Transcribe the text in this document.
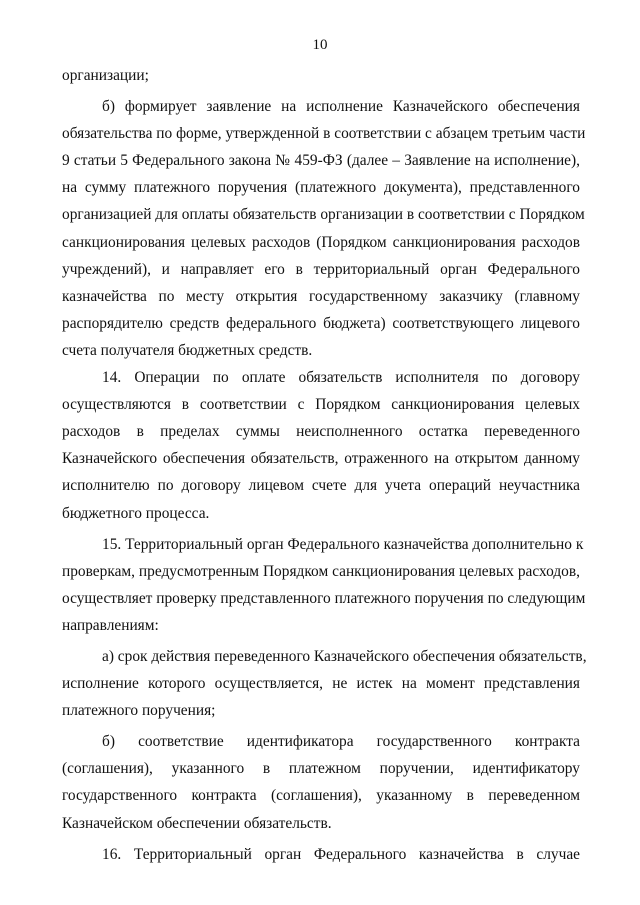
10
организации;
б) формирует заявление на исполнение Казначейского обеспечения
обязательства по форме, утвержденной в соответствии с абзацем третьим части
9 статьи 5 Федерального закона № 459-ФЗ (далее – Заявление на исполнение),
на сумму платежного поручения (платежного документа), представленного
организацией для оплаты обязательств организации в соответствии с Порядком
санкционирования целевых расходов (Порядком санкционирования расходов
учреждений), и направляет его в территориальный орган Федерального
казначейства по месту открытия государственному заказчику (главному
распорядителю средств федерального бюджета) соответствующего лицевого
счета получателя бюджетных средств.
14. Операции по оплате обязательств исполнителя по договору
осуществляются в соответствии с Порядком санкционирования целевых
расходов в пределах суммы неисполненного остатка переведенного
Казначейского обеспечения обязательств, отраженного на открытом данному
исполнителю по договору лицевом счете для учета операций неучастника
бюджетного процесса.
15. Территориальный орган Федерального казначейства дополнительно к
проверкам, предусмотренным Порядком санкционирования целевых расходов,
осуществляет проверку представленного платежного поручения по следующим
направлениям:
а) срок действия переведенного Казначейского обеспечения обязательств,
исполнение которого осуществляется, не истек на момент представления
платежного поручения;
б) соответствие идентификатора государственного контракта
(соглашения), указанного в платежном поручении, идентификатору
государственного контракта (соглашения), указанному в переведенном
Казначейском обеспечении обязательств.
16. Территориальный орган Федерального казначейства в случае
